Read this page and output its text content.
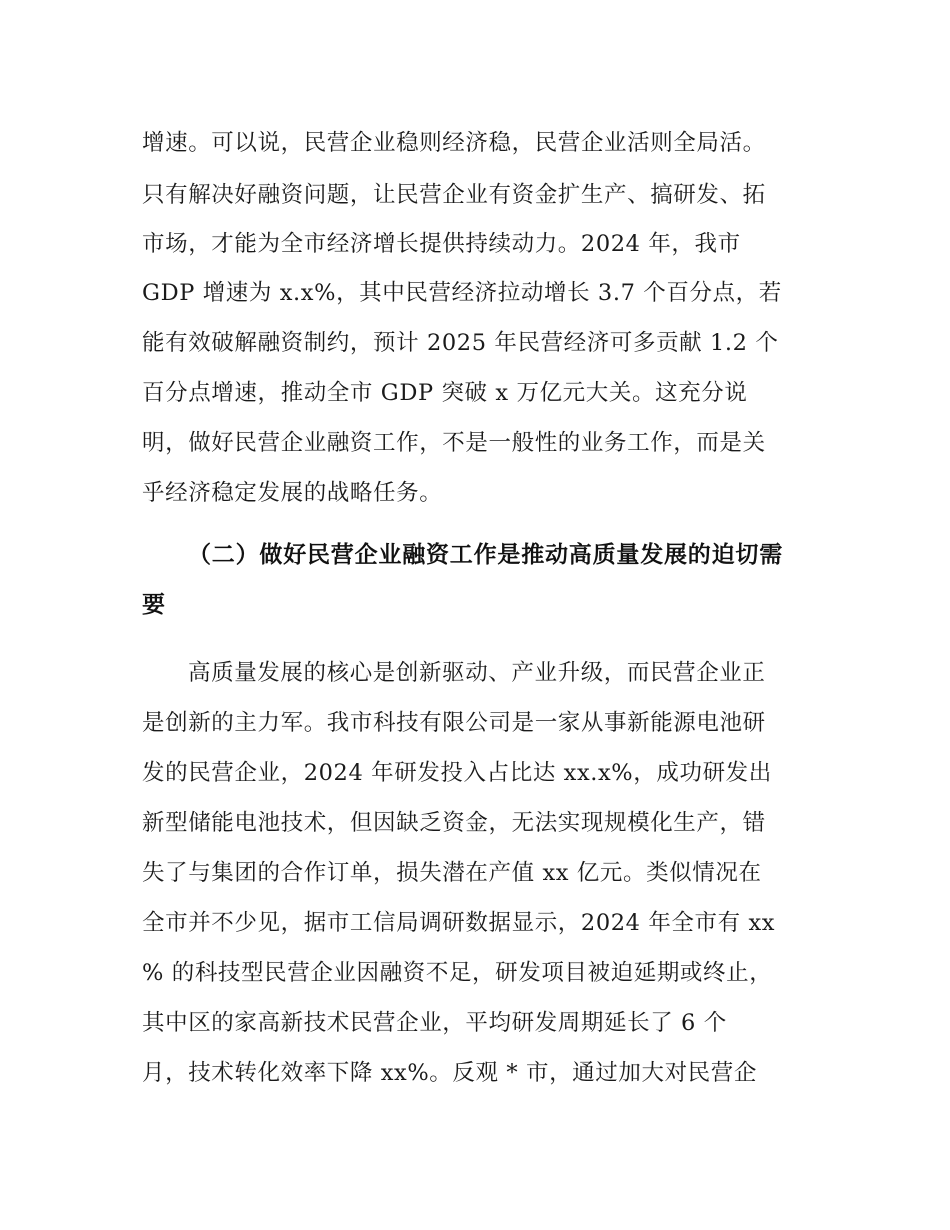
增速。可以说，民营企业稳则经济稳，民营企业活则全局活。
只有解决好融资问题，让民营企业有资金扩生产、搞研发、拓
市场，才能为全市经济增长提供持续动力。2024 年，我市
GDP 增速为 x.x%，其中民营经济拉动增长 3.7 个百分点，若
能有效破解融资制约，预计 2025 年民营经济可多贡献 1.2 个
百分点增速，推动全市 GDP 突破 x 万亿元大关。这充分说
明，做好民营企业融资工作，不是一般性的业务工作，而是关
乎经济稳定发展的战略任务。
（二）做好民营企业融资工作是推动高质量发展的迫切需
要
高质量发展的核心是创新驱动、产业升级，而民营企业正
是创新的主力军。我市科技有限公司是一家从事新能源电池研
发的民营企业，2024 年研发投入占比达 xx.x%，成功研发出
新型储能电池技术，但因缺乏资金，无法实现规模化生产，错
失了与集团的合作订单，损失潜在产值 xx 亿元。类似情况在
全市并不少见，据市工信局调研数据显示，2024 年全市有 xx
% 的科技型民营企业因融资不足，研发项目被迫延期或终止，
其中区的家高新技术民营企业，平均研发周期延长了 6 个
月，技术转化效率下降 xx%。反观 * 市，通过加大对民营企
